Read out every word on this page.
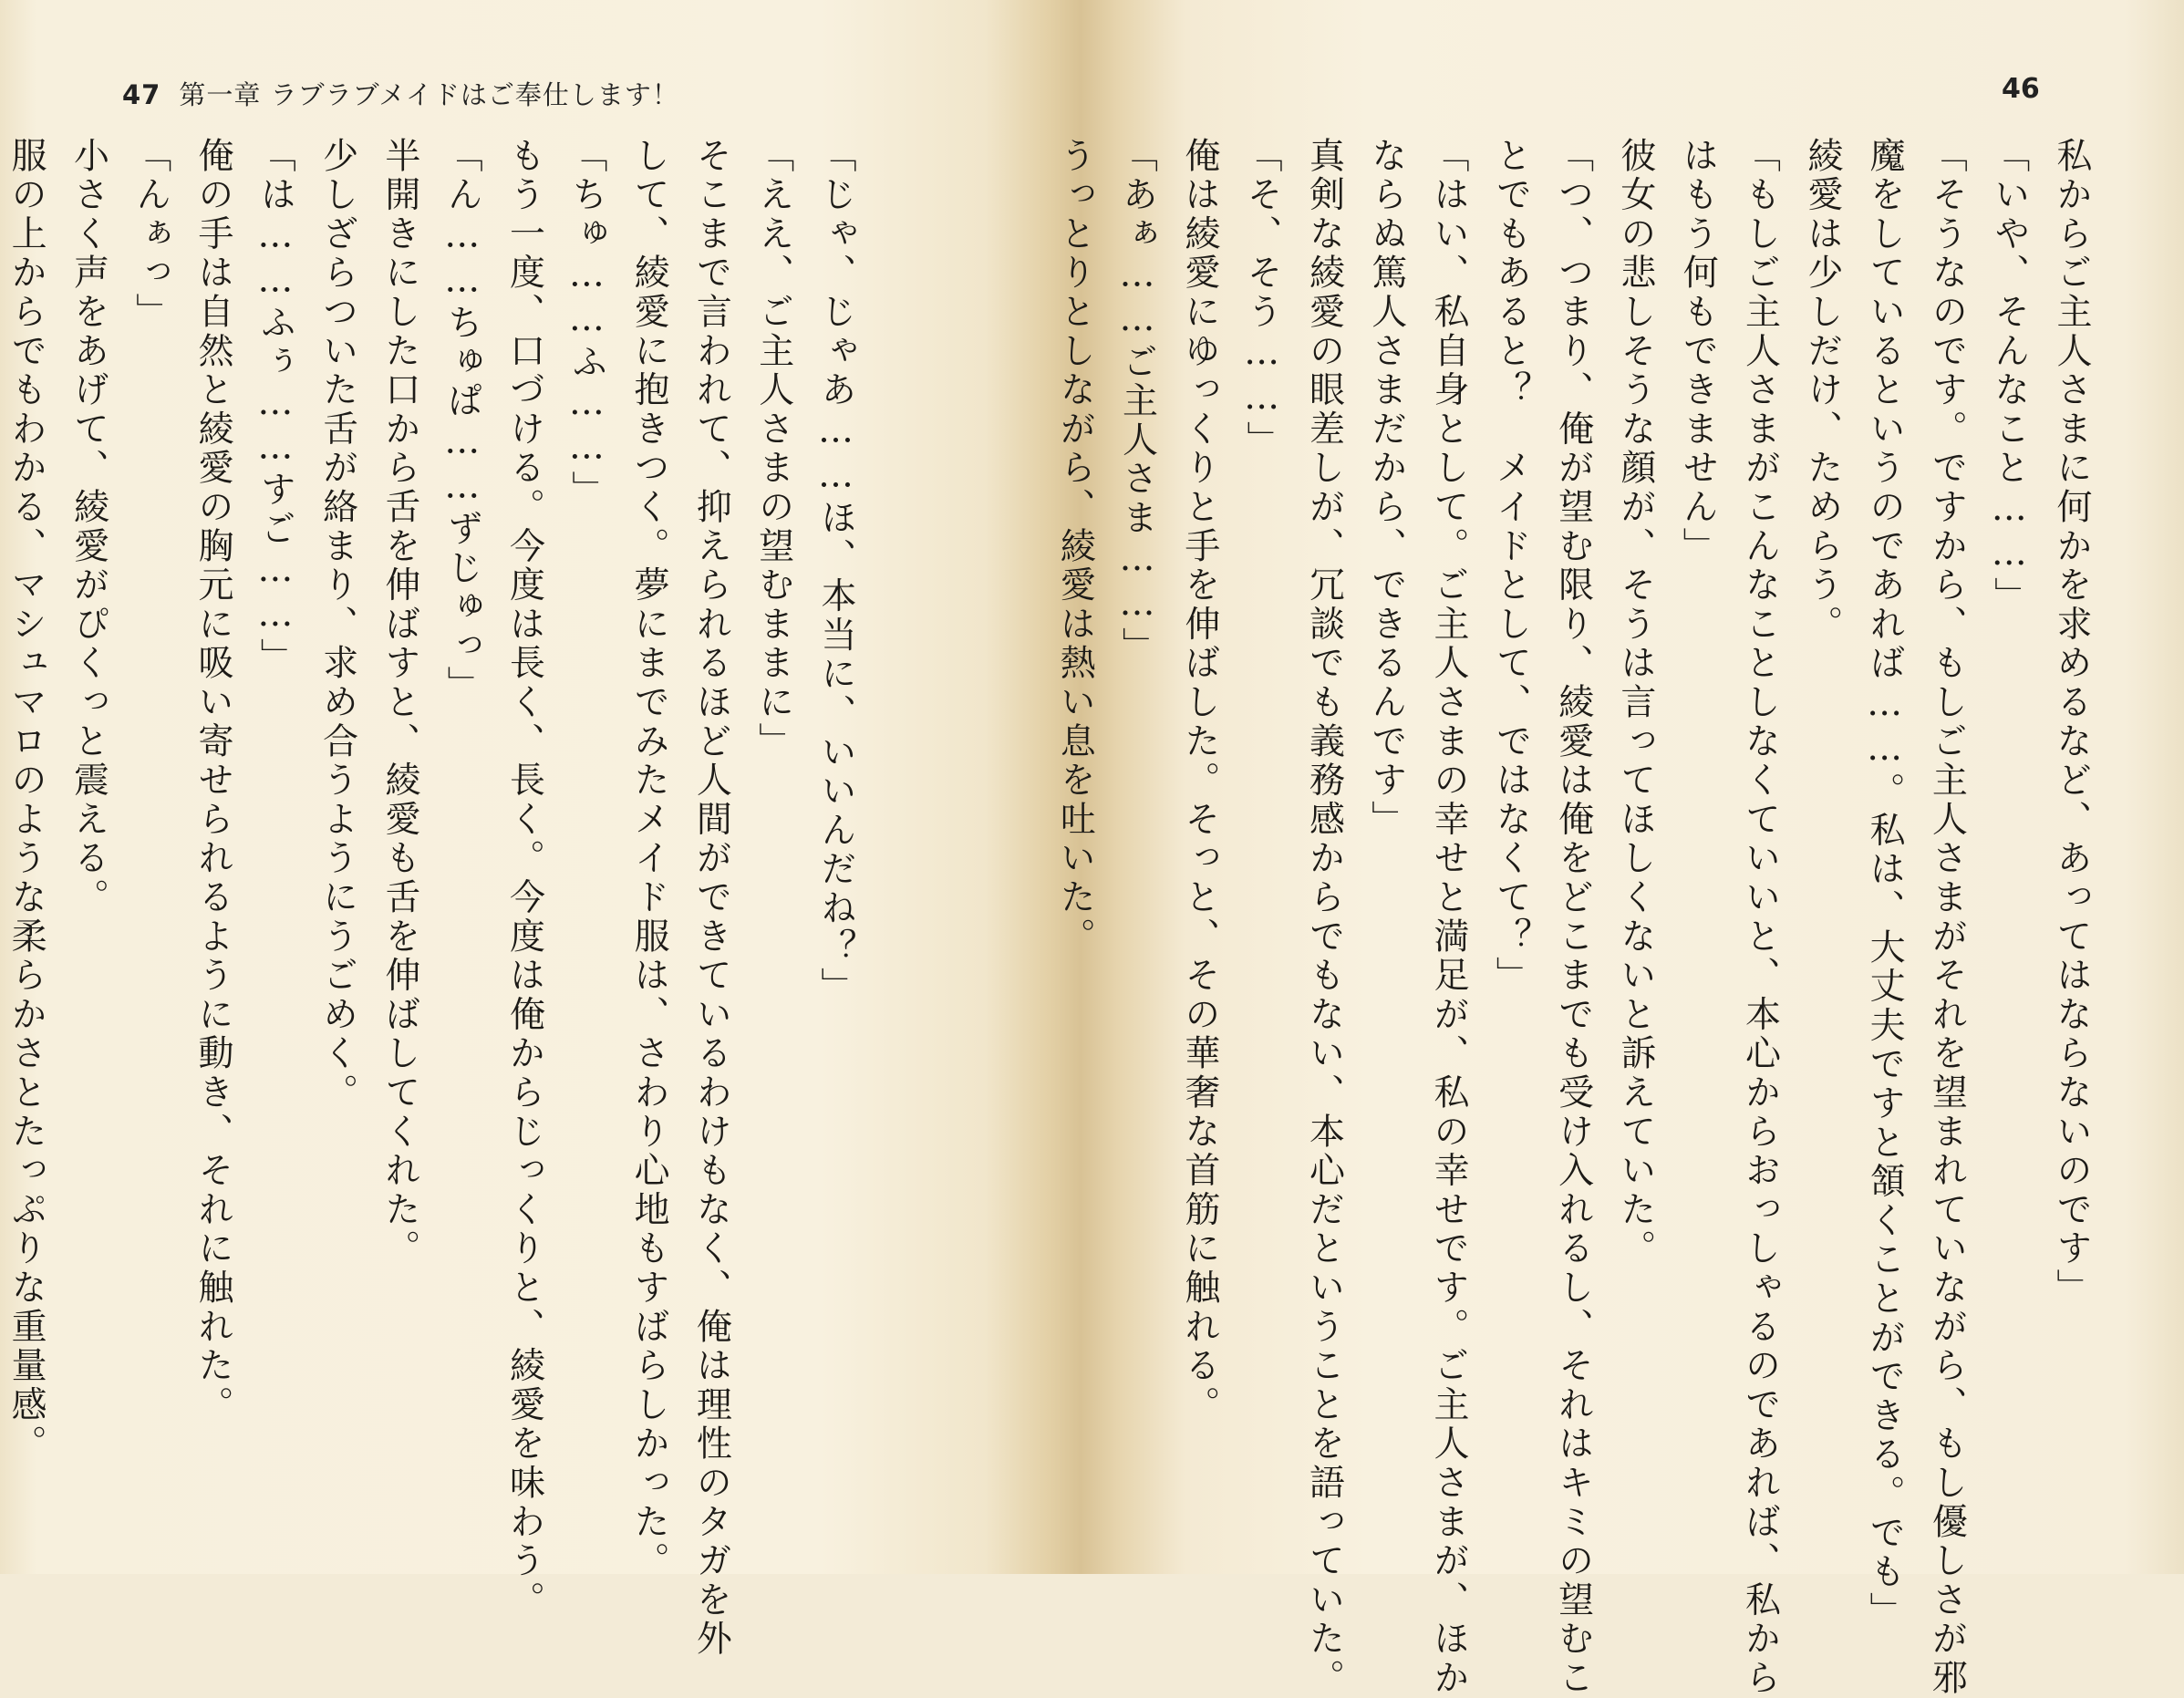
47 第一章 ラブラブメイドはご奉仕します！
「じゃ、じゃあ……ほ、本当に、いいんだね？」
「ええ、ご主人さまの望むままに」
そこまで言われて、抑えられるほど人間ができているわけもなく、俺は理性のタガを外
して、綾愛に抱きつく。夢にまでみたメイド服は、さわり心地もすばらしかった。
「ちゅ……ふ……」
もう一度、口づける。今度は長く、長く。今度は俺からじっくりと、綾愛を味わう。
「ん……ちゅぱ……ずじゅっ」
半開きにした口から舌を伸ばすと、綾愛も舌を伸ばしてくれた。
少しざらついた舌が絡まり、求め合うようにうごめく。
「は……ふぅ……すご……」
俺の手は自然と綾愛の胸元に吸い寄せられるように動き、それに触れた。
「んぁっ」
小さく声をあげて、綾愛がぴくっと震える。
服の上からでもわかる、マシュマロのような柔らかさとたっぷりな重量感。
46
私からご主人さまに何かを求めるなど、あってはならないのです」
「いや、そんなこと……」
「そうなのです。ですから、もしご主人さまがそれを望まれていながら、もし優しさが邪
魔をしているというのであれば……。私は、大丈夫ですと頷くことができる。でも」
綾愛は少しだけ、ためらう。
「もしご主人さまがこんなことしなくていいと、本心からおっしゃるのであれば、私から
はもう何もできません」
彼女の悲しそうな顔が、そうは言ってほしくないと訴えていた。
「つ、つまり、俺が望む限り、綾愛は俺をどこまでも受け入れるし、それはキミの望むこ
とでもあると？　メイドとして、ではなくて？」
「はい、私自身として。ご主人さまの幸せと満足が、私の幸せです。ご主人さまが、ほか
ならぬ篤人さまだから、できるんです」
真剣な綾愛の眼差しが、冗談でも義務感からでもない、本心だということを語っていた。
「そ、そう……」
俺は綾愛にゆっくりと手を伸ばした。そっと、その華奢な首筋に触れる。
「あぁ……ご主人さま……」
うっとりとしながら、綾愛は熱い息を吐いた。
